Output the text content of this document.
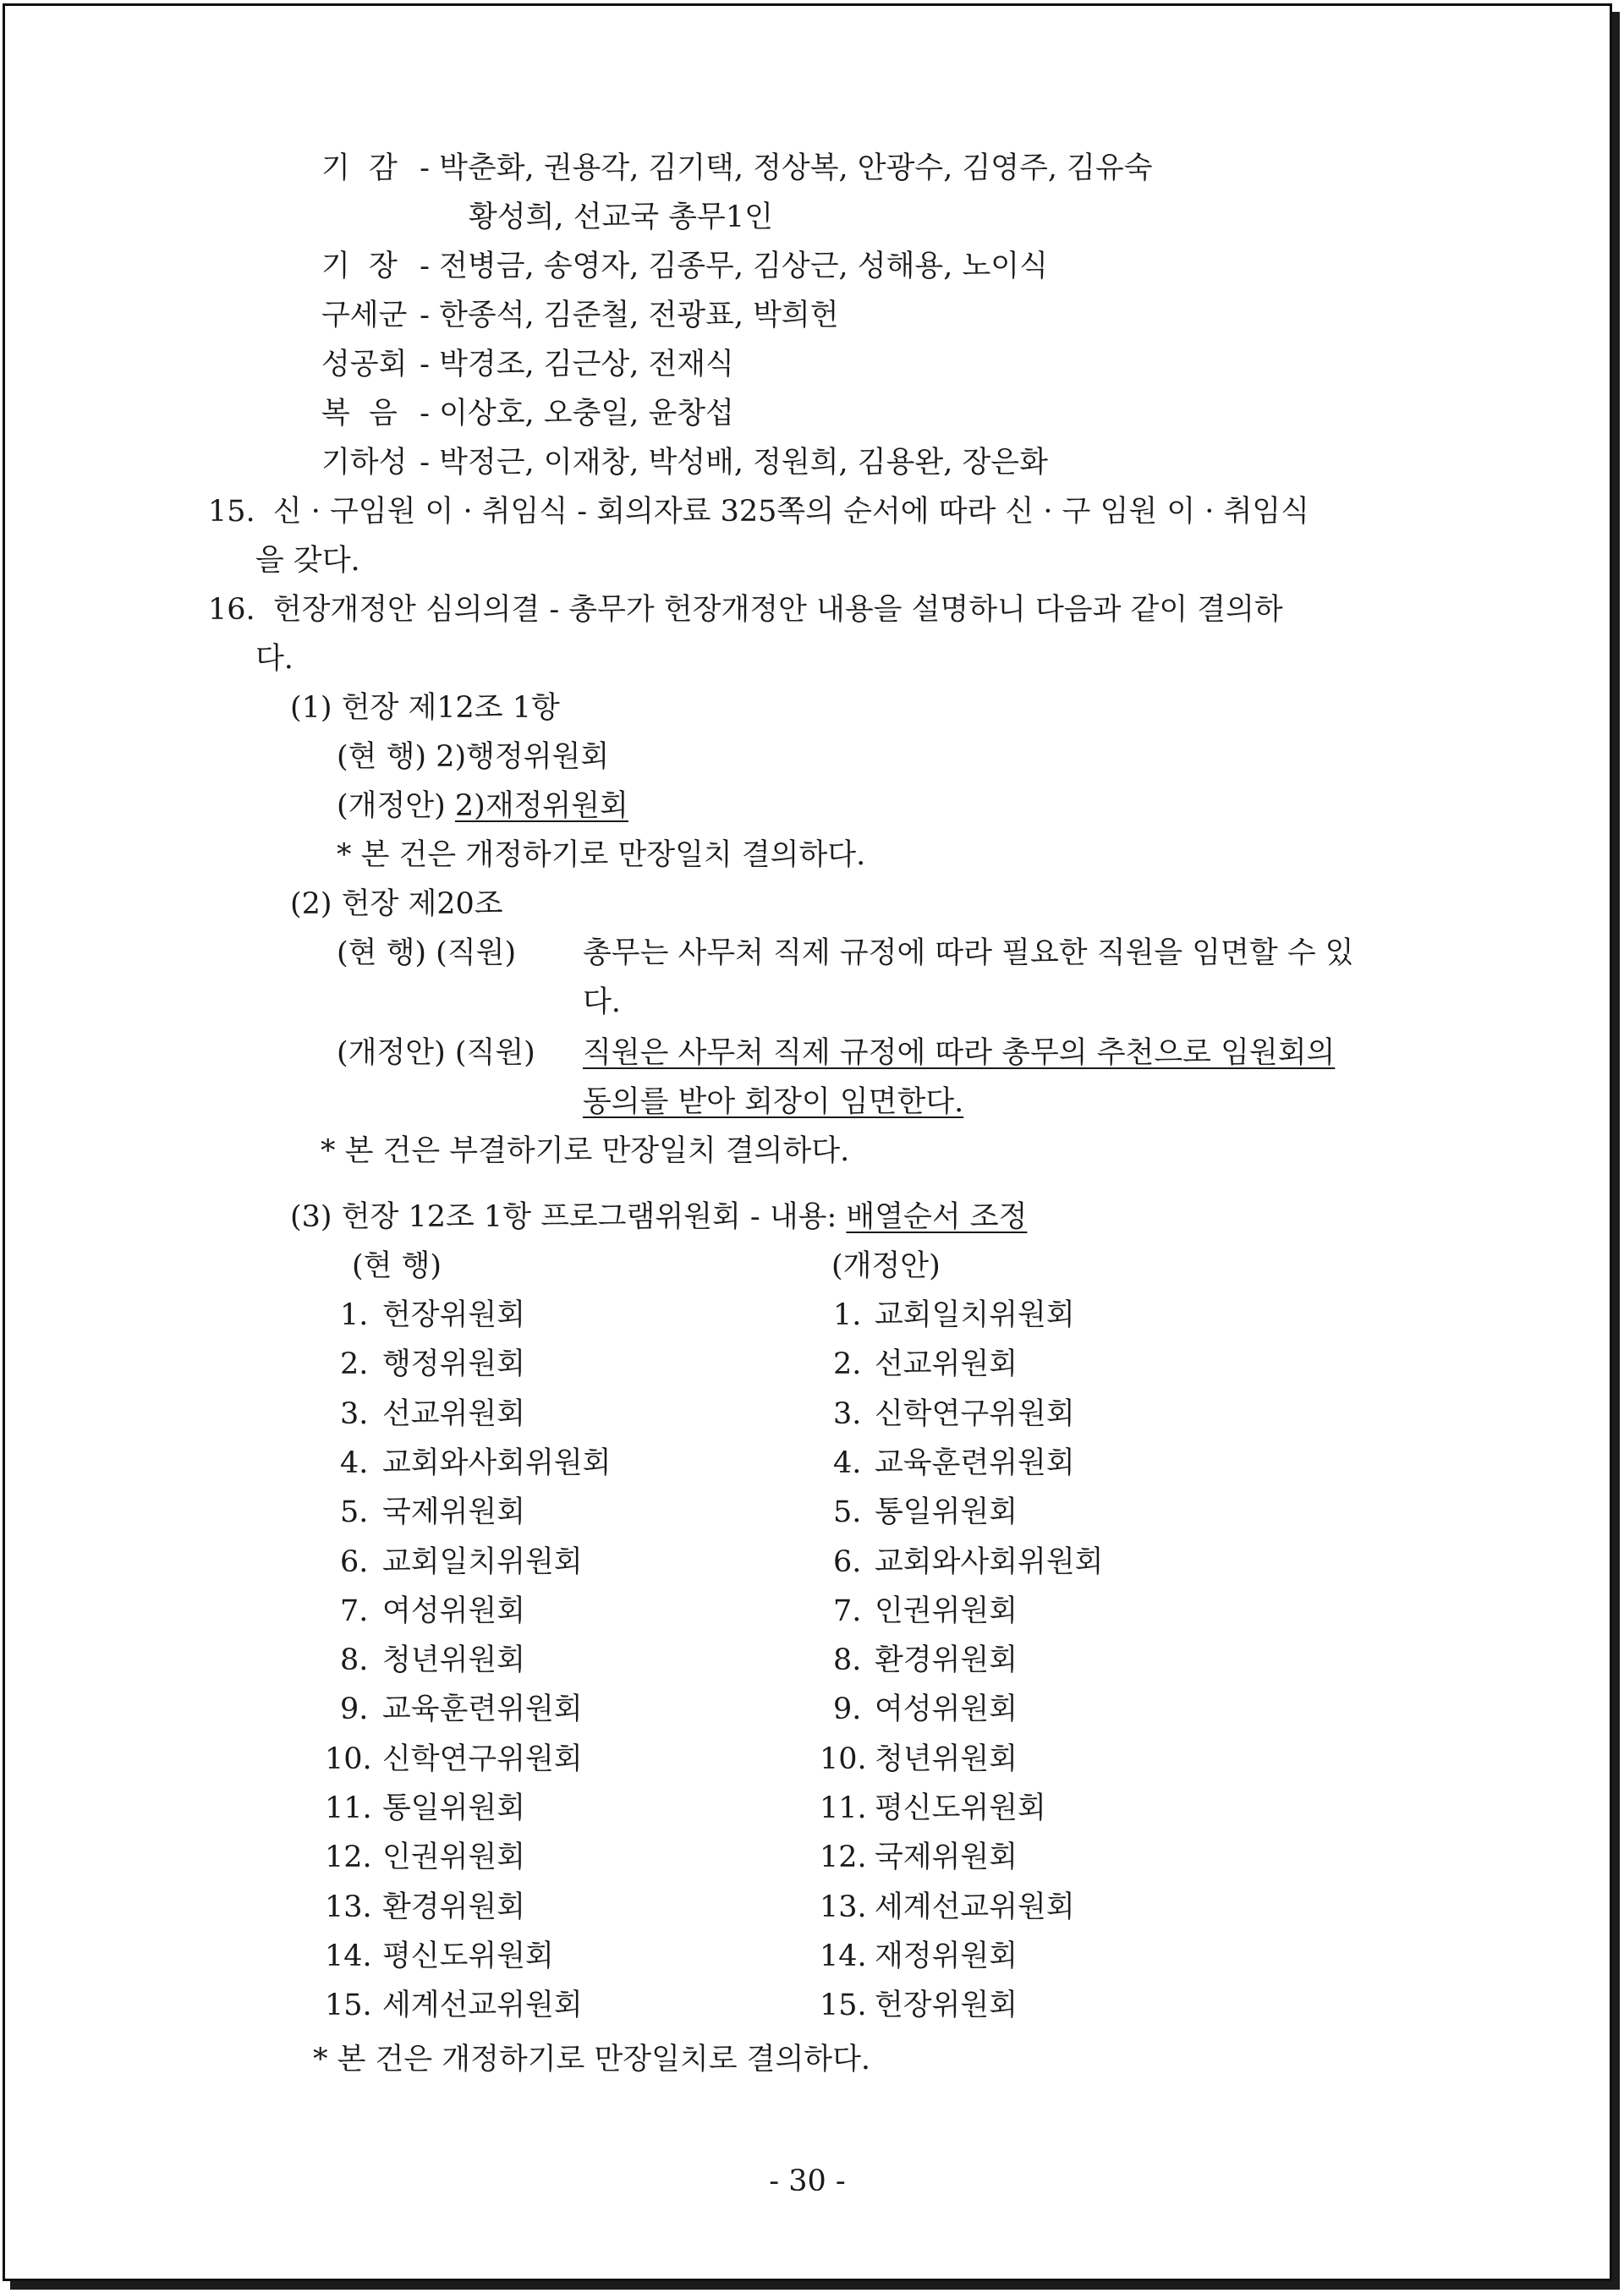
기  감 - 박춘화, 권용각, 김기택, 정상복, 안광수, 김영주, 김유숙
황성희, 선교국 총무1인
기  장 - 전병금, 송영자, 김종무, 김상근, 성해용, 노이식
구세군 - 한종석, 김준철, 전광표, 박희헌
성공회 - 박경조, 김근상, 전재식
복  음 - 이상호, 오충일, 윤창섭
기하성 - 박정근, 이재창, 박성배, 정원희, 김용완, 장은화
15. 신 · 구임원 이 · 취임식 - 회의자료 325쪽의 순서에 따라 신 · 구 임원 이 · 취임식
을 갖다.
16. 헌장개정안 심의의결 - 총무가 헌장개정안 내용을 설명하니 다음과 같이 결의하
다.
(1) 헌장 제12조 1항
(현 행) 2)행정위원회
(개정안) 2)재정위원회
* 본 건은 개정하기로 만장일치 결의하다.
(2) 헌장 제20조
(현 행) (직원) 총무는 사무처 직제 규정에 따라 필요한 직원을 임면할 수 있
다.
(개정안) (직원) 직원은 사무처 직제 규정에 따라 총무의 추천으로 임원회의
동의를 받아 회장이 임면한다.
* 본 건은 부결하기로 만장일치 결의하다.
(3) 헌장 12조 1항 프로그램위원회 - 내용: 배열순서 조정
(현 행)	(개정안)
1. 헌장위원회	1. 교회일치위원회
2. 행정위원회	2. 선교위원회
3. 선교위원회	3. 신학연구위원회
4. 교회와사회위원회	4. 교육훈련위원회
5. 국제위원회	5. 통일위원회
6. 교회일치위원회	6. 교회와사회위원회
7. 여성위원회	7. 인권위원회
8. 청년위원회	8. 환경위원회
9. 교육훈련위원회	9. 여성위원회
10. 신학연구위원회	10. 청년위원회
11. 통일위원회	11. 평신도위원회
12. 인권위원회	12. 국제위원회
13. 환경위원회	13. 세계선교위원회
14. 평신도위원회	14. 재정위원회
15. 세계선교위원회	15. 헌장위원회
* 본 건은 개정하기로 만장일치로 결의하다.
- 30 -
